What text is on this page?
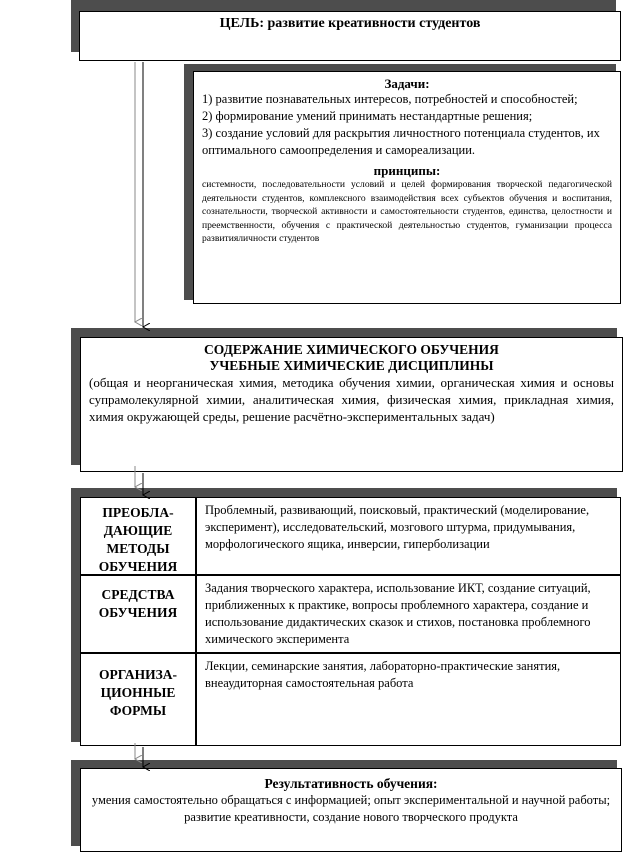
ЦЕЛЬ: развитие креативности студентов
Задачи:
1) развитие познавательных интересов, потребностей и способностей;
2) формирование умений принимать нестандартные решения;
3) создание условий для раскрытия личностного потенциала студентов, их оптимального самоопределения и самореализации.
принципы:
системности, последовательности условий и целей формирования творческой педагогической деятельности студентов, комплексного взаимодействия всех субъектов обучения и воспитания, сознательности, творческой активности и самостоятельности студентов, единства, целостности и преемственности, обучения с практической деятельностью студентов, гуманизации процесса развитияличности студентов
СОДЕРЖАНИЕ ХИМИЧЕСКОГО ОБУЧЕНИЯ
УЧЕБНЫЕ ХИМИЧЕСКИЕ ДИСЦИПЛИНЫ
(общая и неорганическая химия, методика обучения химии, органическая химия и основы супрамолекулярной химии, аналитическая химия, физическая химия, прикладная химия, химия окружающей среды, решение расчётно-экспериментальных задач)
ПРЕОБЛА-
ДАЮЩИЕ
МЕТОДЫ
ОБУЧЕНИЯ
Проблемный, развивающий, поисковый, практический (моделирование, эксперимент), исследовательский, мозгового штурма, придумывания, морфологического ящика, инверсии, гиперболизации
СРЕДСТВА
ОБУЧЕНИЯ
Задания творческого характера, использование ИКТ, создание ситуаций, приближенных к практике, вопросы проблемного характера, создание и использование дидактических сказок и стихов, постановка проблемного химического эксперимента
ОРГАНИЗА-
ЦИОННЫЕ
ФОРМЫ
Лекции, семинарские занятия, лабораторно-практические занятия, внеаудиторная самостоятельная работа
Результативность обучения:
умения самостоятельно обращаться с информацией; опыт экспериментальной и научной работы; развитие креативности, создание нового творческого продукта
